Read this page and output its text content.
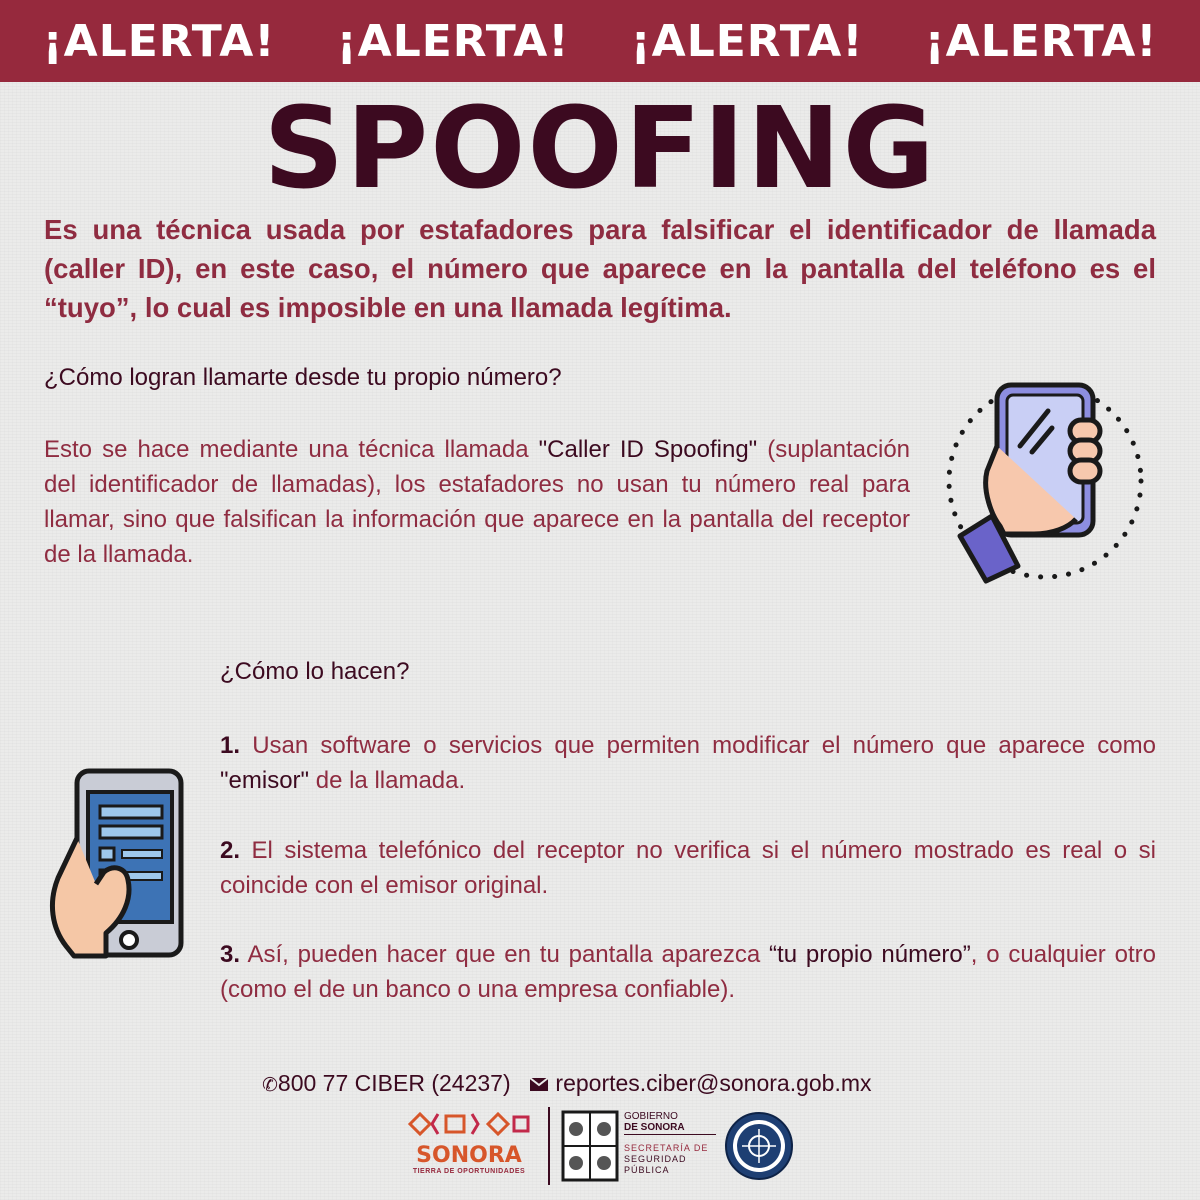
¡ALERTA! ¡ALERTA! ¡ALERTA! ¡ALERTA!
SPOOFING

Es una técnica usada por estafadores para falsificar el identificador de llamada (caller ID), en este caso, el número que aparece en la pantalla del teléfono es el “tuyo”, lo cual es imposible en una llamada legítima.

¿Cómo logran llamarte desde tu propio número?

Esto se hace mediante una técnica llamada "Caller ID Spoofing" (suplantación del identificador de llamadas), los estafadores no usan tu número real para llamar, sino que falsifican la información que aparece en la pantalla del receptor de la llamada.

¿Cómo lo hacen?

1. Usan software o servicios que permiten modificar el número que aparece como "emisor" de la llamada.

2. El sistema telefónico del receptor no verifica si el número mostrado es real o si coincide con el emisor original.

3. Así, pueden hacer que en tu pantalla aparezca “tu propio número”, o cualquier otro (como el de un banco o una empresa confiable).

✆800 77 CIBER (24237) reportes.ciber@sonora.gob.mx
SONORA
TIERRA DE OPORTUNIDADES
GOBIERNO
DE SONORA
SECRETARÍA DE
SEGURIDAD
PÚBLICA
